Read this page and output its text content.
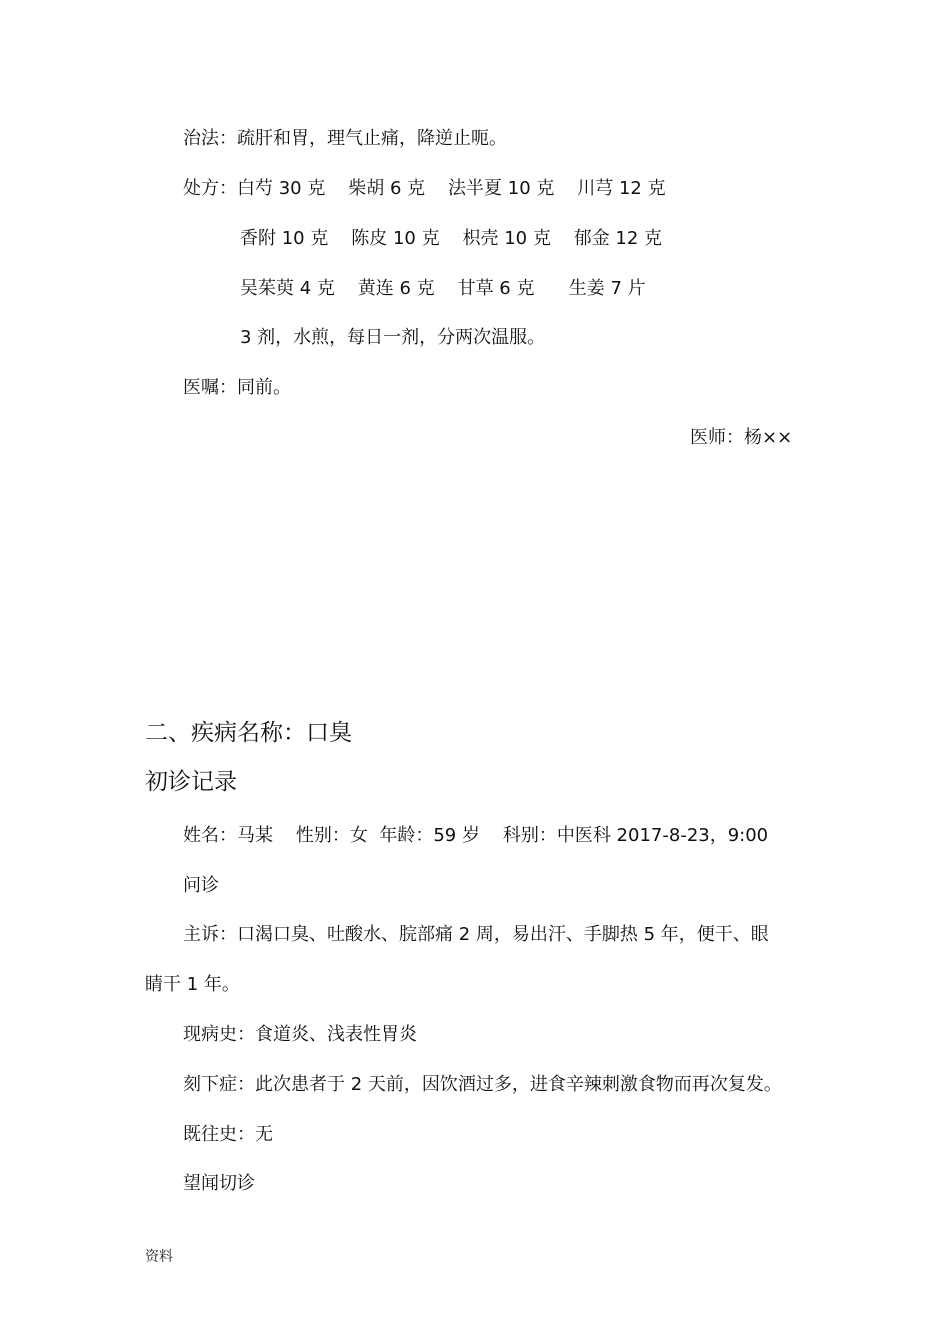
治法：疏肝和胃，理气止痛，降逆止呃。
处方：白芍 30 克    柴胡 6 克    法半夏 10 克    川芎 12 克
香附 10 克    陈皮 10 克    枳壳 10 克    郁金 12 克
吴茱萸 4 克    黄连 6 克    甘草 6 克      生姜 7 片
3 剂，水煎，每日一剂，分两次温服。
医嘱：同前。
医师：杨××
二、疾病名称：口臭
初诊记录
姓名：马某    性别：女  年龄：59 岁    科别：中医科 2017-8-23，9:00
问诊
主诉：口渴口臭、吐酸水、脘部痛 2 周，易出汗、手脚热 5 年，便干、眼
睛干 1 年。
现病史：食道炎、浅表性胃炎
刻下症：此次患者于 2 天前，因饮酒过多，进食辛辣刺激食物而再次复发。
既往史：无
望闻切诊
资料
